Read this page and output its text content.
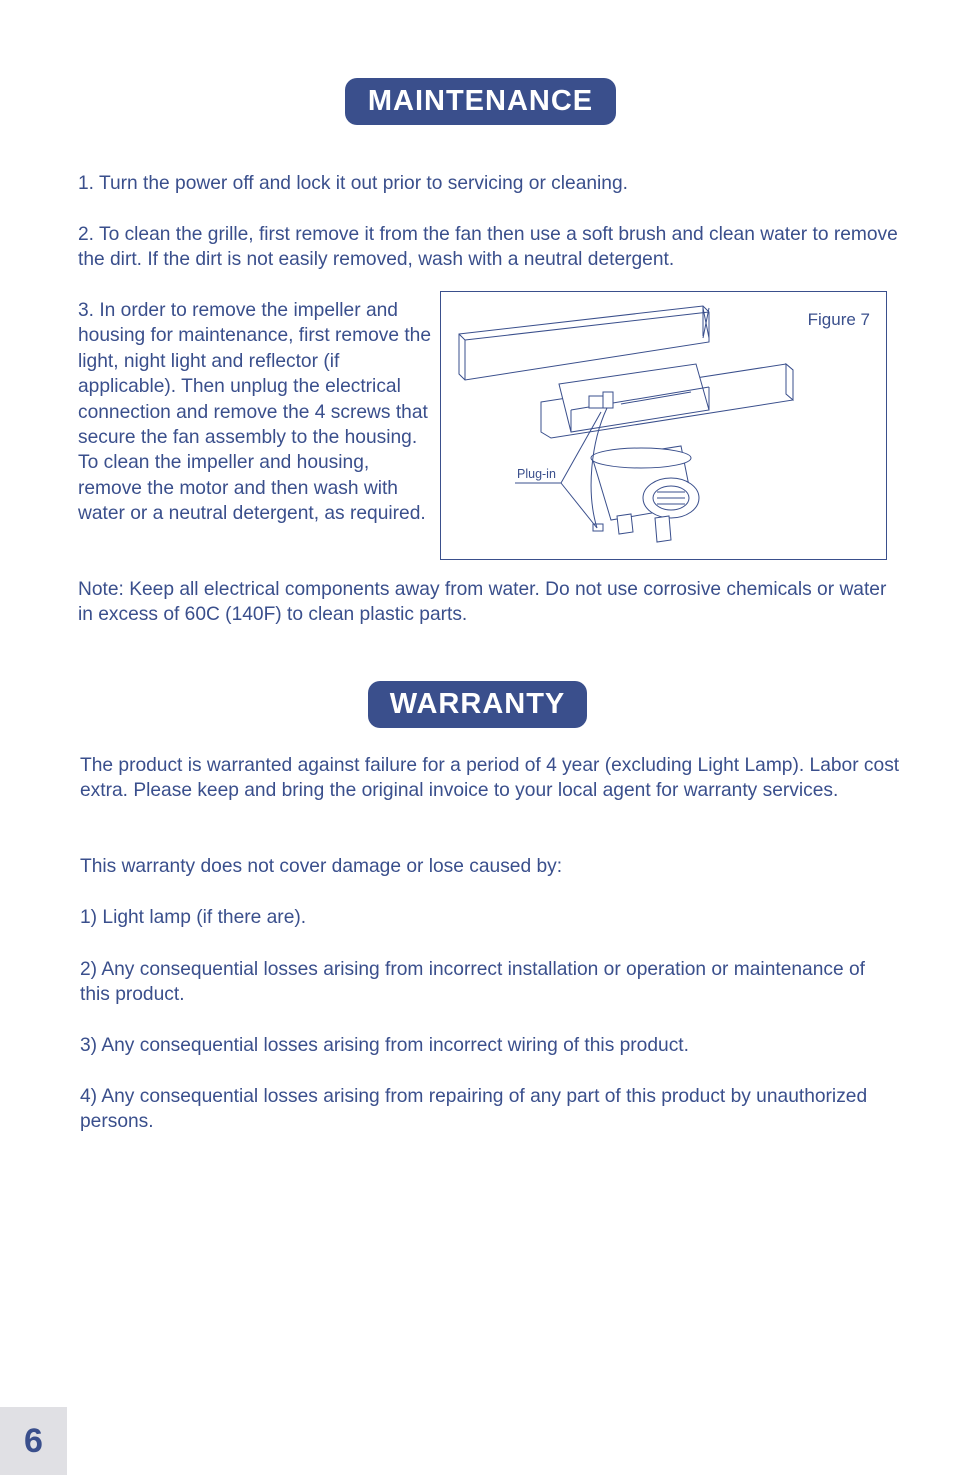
MAINTENANCE

1. Turn the power off and lock it out prior to servicing or cleaning.

2. To clean the grille, first remove it from the fan then use a soft brush and clean water to remove the dirt. If the dirt is not easily removed, wash with a neutral detergent.

3. In order to remove the impeller and housing for maintenance, first remove the light, night light and reflector (if applicable). Then unplug the electrical connection and remove the 4 screws that secure the fan assembly to the housing. To clean the impeller and housing, remove the motor and then wash with water or a neutral detergent, as required.

Figure 7
Plug-in

Note: Keep all electrical components away from water. Do not use corrosive chemicals or water in excess of 60C (140F) to clean plastic parts.

WARRANTY

The product is warranted against failure for a period of 4 year (excluding Light Lamp). Labor cost extra. Please keep and bring the original invoice to your local agent for warranty services.

This warranty does not cover damage or lose caused by:

1) Light lamp (if there are).

2) Any consequential losses arising from incorrect installation or operation or maintenance of this product.

3) Any consequential losses arising from incorrect wiring of this product.

4) Any consequential losses arising from repairing of any part of this product by unauthorized persons.

6
